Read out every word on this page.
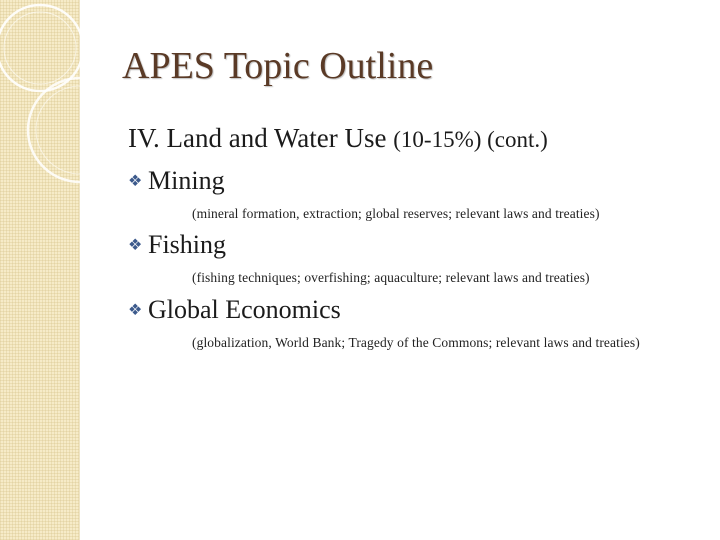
APES Topic Outline
IV. Land and Water Use (10-15%) (cont.)
❖ Mining
(mineral formation, extraction; global reserves; relevant laws and treaties)
❖ Fishing
(fishing techniques; overfishing; aquaculture; relevant laws and treaties)
❖ Global Economics
(globalization, World Bank; Tragedy of the Commons; relevant laws and treaties)
